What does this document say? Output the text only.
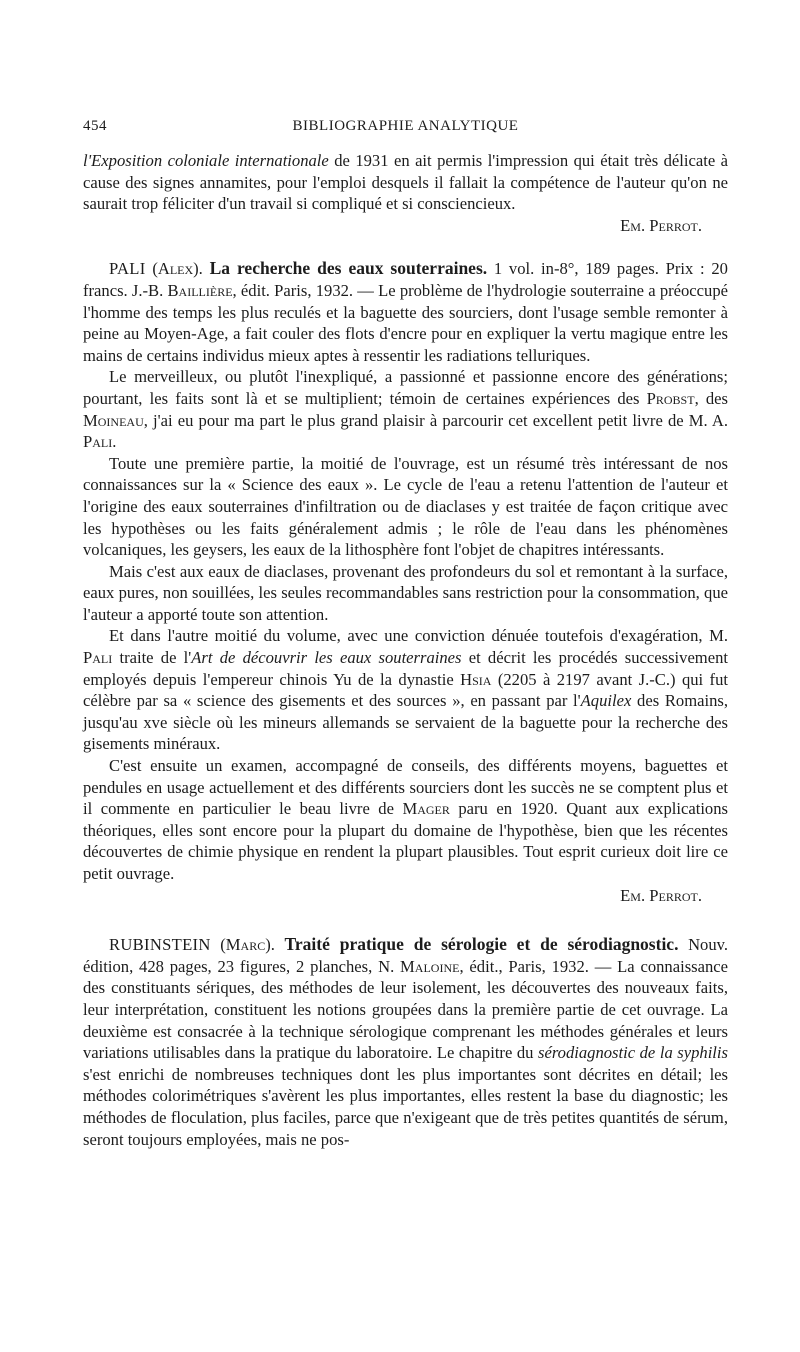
454	BIBLIOGRAPHIE ANALYTIQUE

l'Exposition coloniale internationale de 1931 en ait permis l'impression qui était très délicate à cause des signes annamites, pour l'emploi desquels il fallait la compétence de l'auteur qu'on ne saurait trop féliciter d'un travail si compliqué et si consciencieux.

Em. Perrot.

PALI (Alex). La recherche des eaux souterraines. 1 vol. in-8°, 189 pages. Prix : 20 francs. J.-B. Baillière, édit. Paris, 1932. — Le problème de l'hydrologie souterraine a préoccupé l'homme des temps les plus reculés et la baguette des sourciers, dont l'usage semble remonter à peine au Moyen-Age, a fait couler des flots d'encre pour en expliquer la vertu magique entre les mains de certains individus mieux aptes à ressentir les radiations telluriques.

Le merveilleux, ou plutôt l'inexpliqué, a passionné et passionne encore des générations; pourtant, les faits sont là et se multiplient; témoin de certaines expériences des Probst, des Moineau, j'ai eu pour ma part le plus grand plaisir à parcourir cet excellent petit livre de M. A. Pali.

Toute une première partie, la moitié de l'ouvrage, est un résumé très intéressant de nos connaissances sur la « Science des eaux ». Le cycle de l'eau a retenu l'attention de l'auteur et l'origine des eaux souterraines d'infiltration ou de diaclases y est traitée de façon critique avec les hypothèses ou les faits généralement admis ; le rôle de l'eau dans les phénomènes volcaniques, les geysers, les eaux de la lithosphère font l'objet de chapitres intéressants.

Mais c'est aux eaux de diaclases, provenant des profondeurs du sol et remontant à la surface, eaux pures, non souillées, les seules recommandables sans restriction pour la consommation, que l'auteur a apporté toute son attention.

Et dans l'autre moitié du volume, avec une conviction dénuée toutefois d'exagération, M. Pali traite de l'Art de découvrir les eaux souterraines et décrit les procédés successivement employés depuis l'empereur chinois Yu de la dynastie Hsia (2205 à 2197 avant J.-C.) qui fut célèbre par sa « science des gisements et des sources », en passant par l'Aquilex des Romains, jusqu'au xve siècle où les mineurs allemands se servaient de la baguette pour la recherche des gisements minéraux.

C'est ensuite un examen, accompagné de conseils, des différents moyens, baguettes et pendules en usage actuellement et des différents sourciers dont les succès ne se comptent plus et il commente en particulier le beau livre de Mager paru en 1920. Quant aux explications théoriques, elles sont encore pour la plupart du domaine de l'hypothèse, bien que les récentes découvertes de chimie physique en rendent la plupart plausibles. Tout esprit curieux doit lire ce petit ouvrage.

Em. Perrot.

RUBINSTEIN (Marc). Traité pratique de sérologie et de sérodiagnostic. Nouv. édition, 428 pages, 23 figures, 2 planches, N. Maloine, édit., Paris, 1932. — La connaissance des constituants sériques, des méthodes de leur isolement, les découvertes des nouveaux faits, leur interprétation, constituent les notions groupées dans la première partie de cet ouvrage. La deuxième est consacrée à la technique sérologique comprenant les méthodes générales et leurs variations utilisables dans la pratique du laboratoire. Le chapitre du sérodiagnostic de la syphilis s'est enrichi de nombreuses techniques dont les plus importantes sont décrites en détail; les méthodes colorimétriques s'avèrent les plus importantes, elles restent la base du diagnostic; les méthodes de floculation, plus faciles, parce que n'exigeant que de très petites quantités de sérum, seront toujours employées, mais ne pos-
